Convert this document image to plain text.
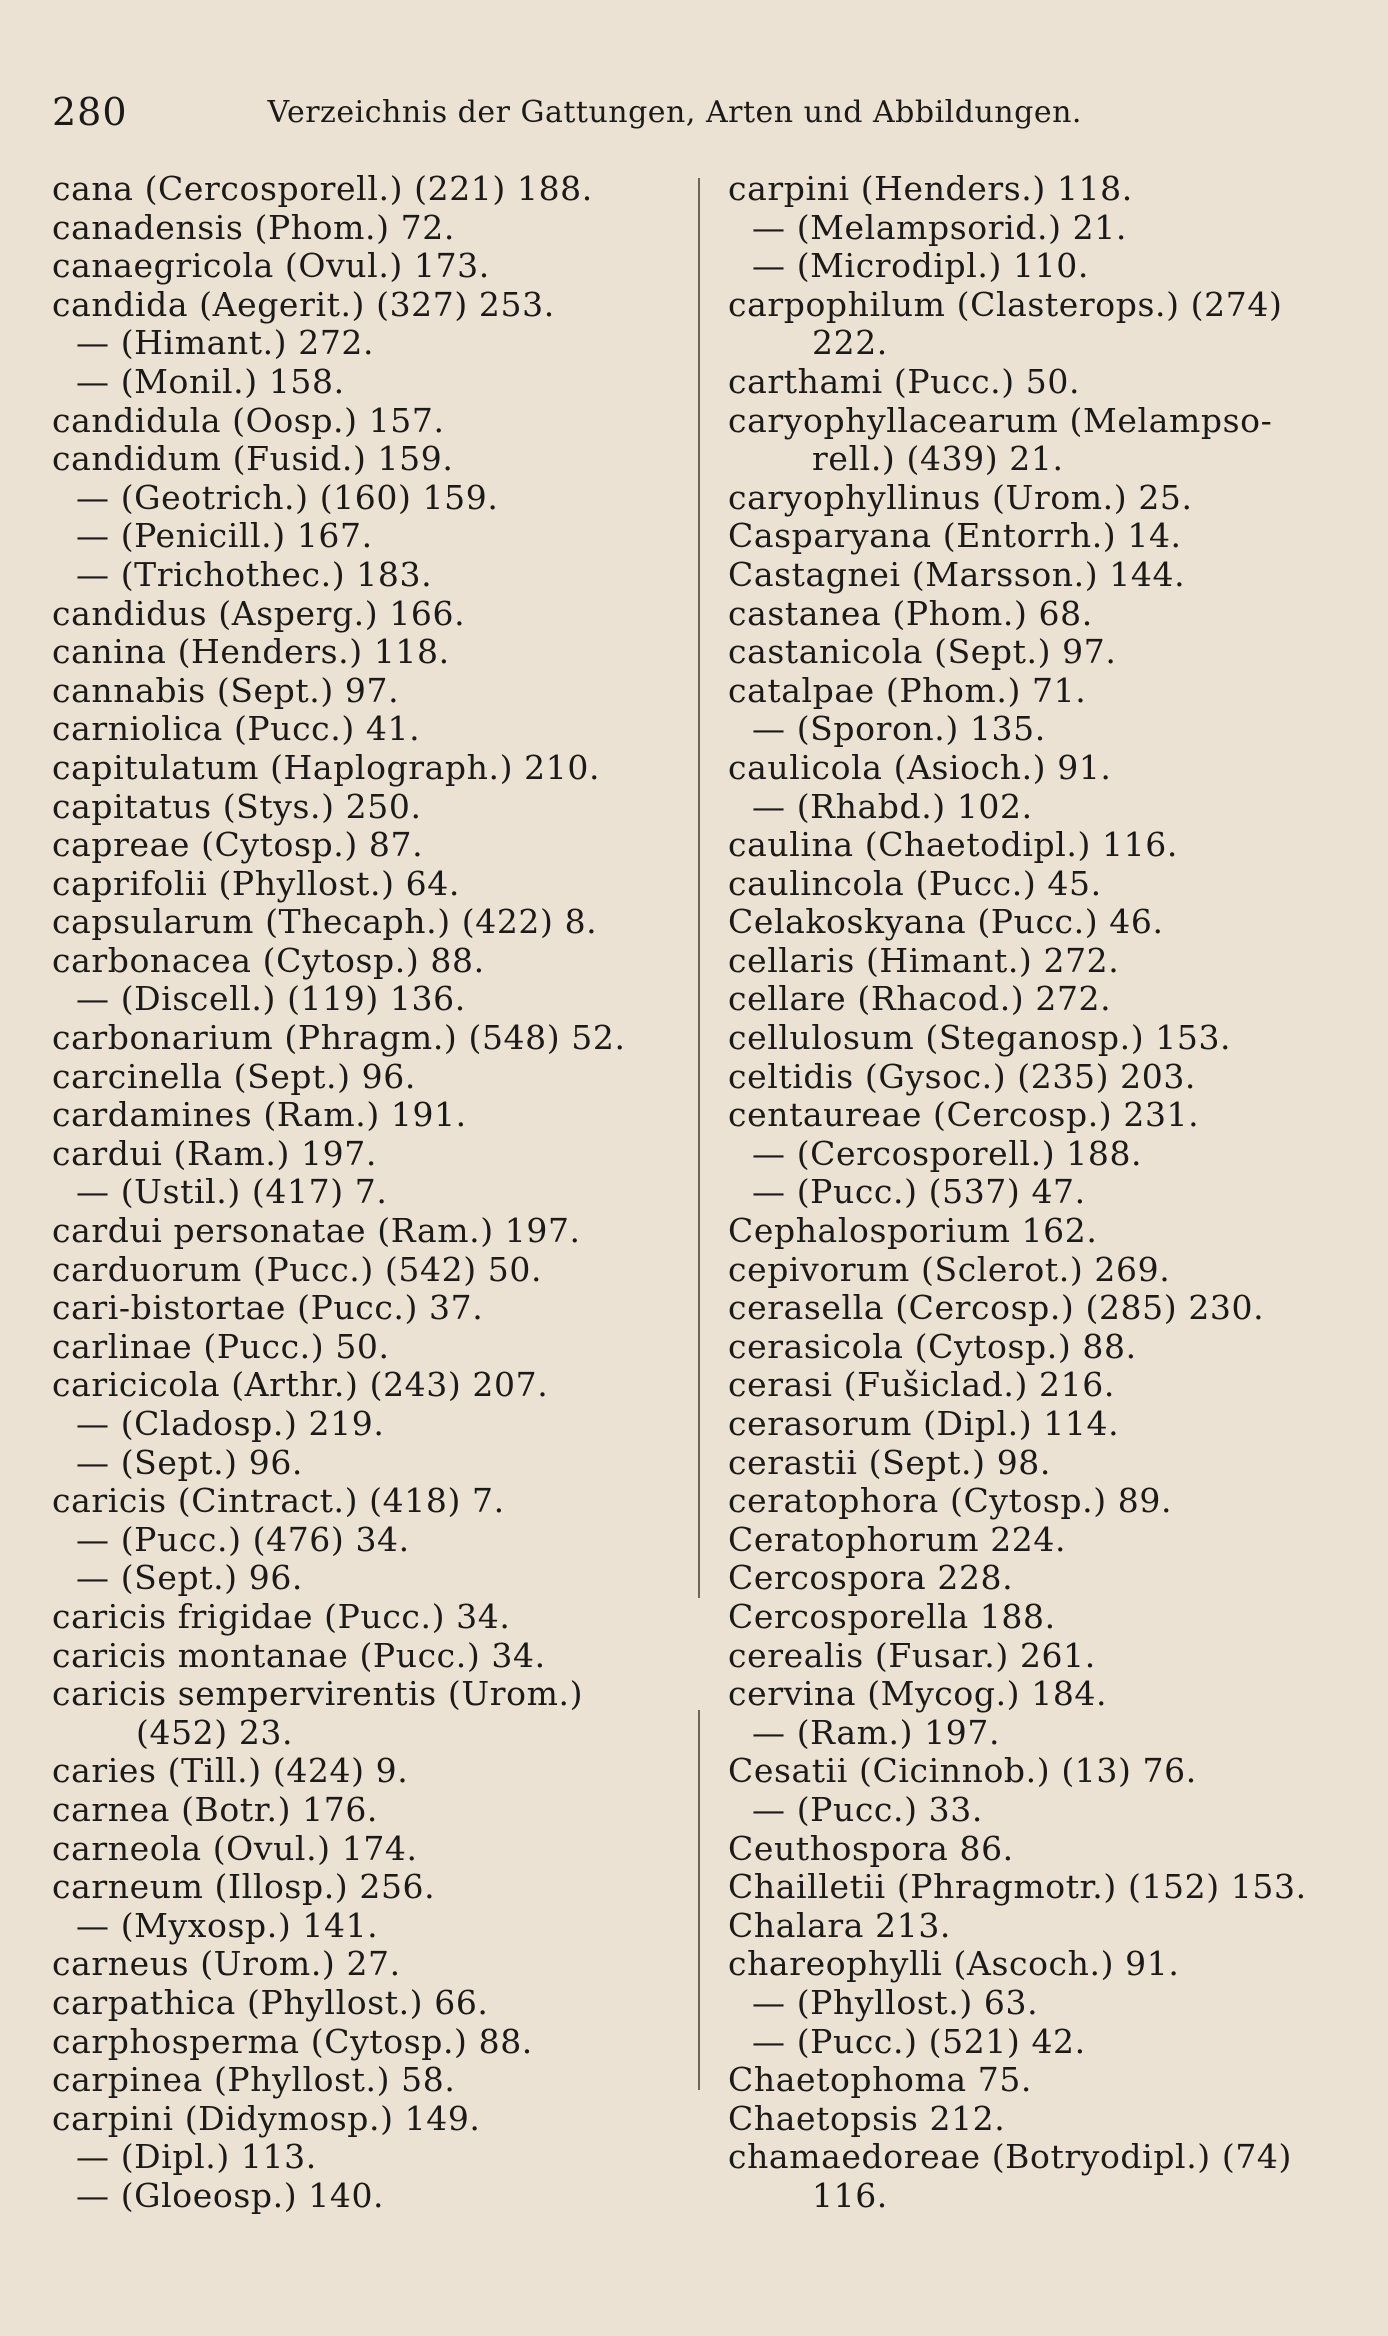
280	Verzeichnis der Gattungen, Arten und Abbildungen.
cana (Cercosporell.) (221) 188.
canadensis (Phom.) 72.
canaegricola (Ovul.) 173.
candida (Aegerit.) (327) 253.
— (Himant.) 272.
— (Monil.) 158.
candidula (Oosp.) 157.
candidum (Fusid.) 159.
— (Geotrich.) (160) 159.
— (Penicill.) 167.
— (Trichothec.) 183.
candidus (Asperg.) 166.
canina (Henders.) 118.
cannabis (Sept.) 97.
carniolica (Pucc.) 41.
capitulatum (Haplograph.) 210.
capitatus (Stys.) 250.
capreae (Cytosp.) 87.
caprifolii (Phyllost.) 64.
capsularum (Thecaph.) (422) 8.
carbonacea (Cytosp.) 88.
— (Discell.) (119) 136.
carbonarium (Phragm.) (548) 52.
carcinella (Sept.) 96.
cardamines (Ram.) 191.
cardui (Ram.) 197.
— (Ustil.) (417) 7.
cardui personatae (Ram.) 197.
carduorum (Pucc.) (542) 50.
cari-bistortae (Pucc.) 37.
carlinae (Pucc.) 50.
caricicola (Arthr.) (243) 207.
— (Cladosp.) 219.
— (Sept.) 96.
caricis (Cintract.) (418) 7.
— (Pucc.) (476) 34.
— (Sept.) 96.
caricis frigidae (Pucc.) 34.
caricis montanae (Pucc.) 34.
caricis sempervirentis (Urom.)
(452) 23.
caries (Till.) (424) 9.
carnea (Botr.) 176.
carneola (Ovul.) 174.
carneum (Illosp.) 256.
— (Myxosp.) 141.
carneus (Urom.) 27.
carpathica (Phyllost.) 66.
carphosperma (Cytosp.) 88.
carpinea (Phyllost.) 58.
carpini (Didymosp.) 149.
— (Dipl.) 113.
— (Gloeosp.) 140.
carpini (Henders.) 118.
— (Melampsorid.) 21.
— (Microdipl.) 110.
carpophilum (Clasterops.) (274)
222.
carthami (Pucc.) 50.
caryophyllacearum (Melampso-
rell.) (439) 21.
caryophyllinus (Urom.) 25.
Casparyana (Entorrh.) 14.
Castagnei (Marsson.) 144.
castanea (Phom.) 68.
castanicola (Sept.) 97.
catalpae (Phom.) 71.
— (Sporon.) 135.
caulicola (Asioch.) 91.
— (Rhabd.) 102.
caulina (Chaetodipl.) 116.
caulincola (Pucc.) 45.
Celakoskyana (Pucc.) 46.
cellaris (Himant.) 272.
cellare (Rhacod.) 272.
cellulosum (Steganosp.) 153.
celtidis (Gysoc.) (235) 203.
centaureae (Cercosp.) 231.
— (Cercosporell.) 188.
— (Pucc.) (537) 47.
Cephalosporium 162.
cepivorum (Sclerot.) 269.
cerasella (Cercosp.) (285) 230.
cerasicola (Cytosp.) 88.
cerasi (Fušiclad.) 216.
cerasorum (Dipl.) 114.
cerastii (Sept.) 98.
ceratophora (Cytosp.) 89.
Ceratophorum 224.
Cercospora 228.
Cercosporella 188.
cerealis (Fusar.) 261.
cervina (Mycog.) 184.
— (Ram.) 197.
Cesatii (Cicinnob.) (13) 76.
— (Pucc.) 33.
Ceuthospora 86.
Chailletii (Phragmotr.) (152) 153.
Chalara 213.
chareophylli (Ascoch.) 91.
— (Phyllost.) 63.
— (Pucc.) (521) 42.
Chaetophoma 75.
Chaetopsis 212.
chamaedoreae (Botryodipl.) (74)
116.
